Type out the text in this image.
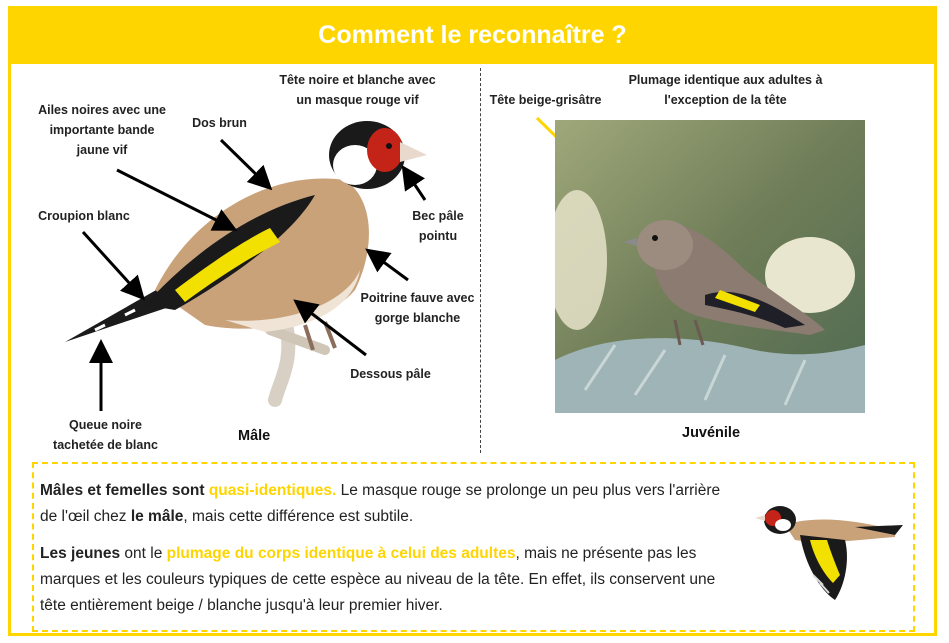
Comment le reconnaître ?
Tête noire et blanche avec un masque rouge vif
Ailes noires avec une importante bande jaune vif
Dos brun
Croupion blanc	Bec pâle pointu
Poitrine fauve avec gorge blanche
Dessous pâle
Queue noire tachetée de blanc
Mâle
Plumage identique aux adultes à l'exception de la tête
Tête beige-grisâtre
Juvénile
Mâles et femelles sont quasi-identiques. Le masque rouge se prolonge un peu plus vers l'arrière de l'œil chez le mâle, mais cette différence est subtile.
Les jeunes ont le plumage du corps identique à celui des adultes, mais ne présente pas les marques et les couleurs typiques de cette espèce au niveau de la tête. En effet, ils conservent une tête entièrement beige / blanche jusqu'à leur premier hiver.
